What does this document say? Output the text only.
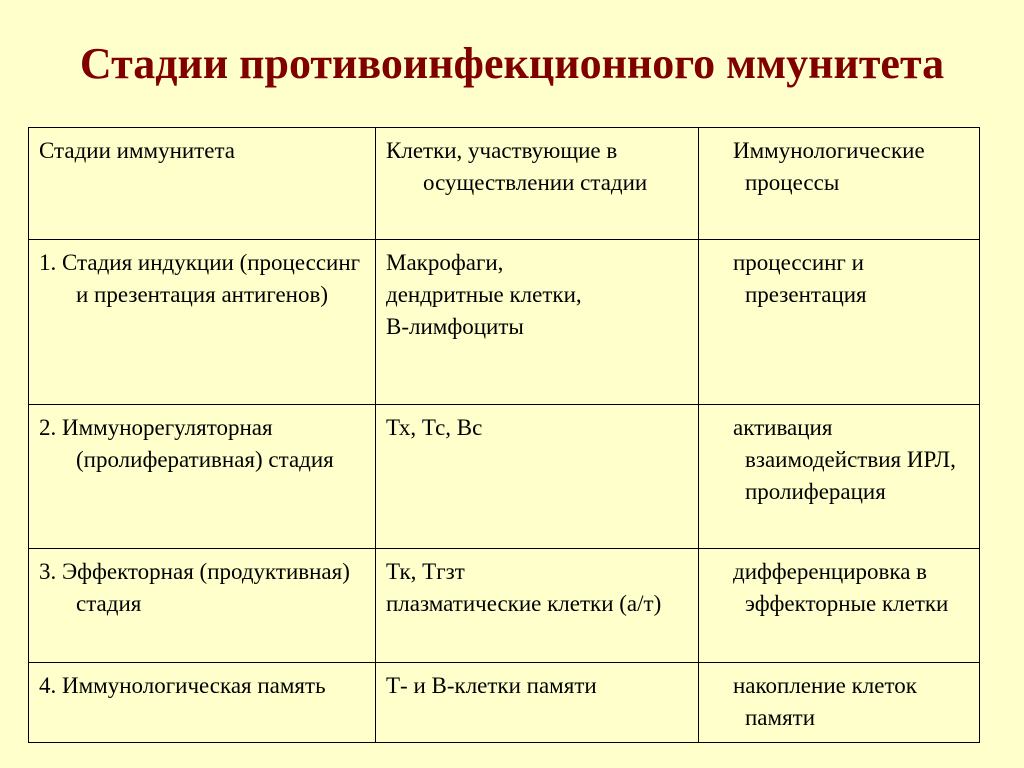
Стадии противоинфекционного ммунитета
Стадии иммунитета	Клетки, участвующие в осуществлении стадии	Иммунологические процессы

1. Стадия индукции (процессинг и презентация антигенов)	Макрофаги,
дендритные клетки,
В-лимфоциты	процессинг и презентация

2. Иммунорегуляторная (пролиферативная) стадия	Тх, Тс, Вс	активация взаимодействия ИРЛ, пролиферация

3. Эффекторная (продуктивная) стадия	Тк, Тгзт
плазматические клетки (а/т)	дифференцировка в эффекторные клетки

4. Иммунологическая память	Т- и В-клетки памяти	накопление клеток памяти
